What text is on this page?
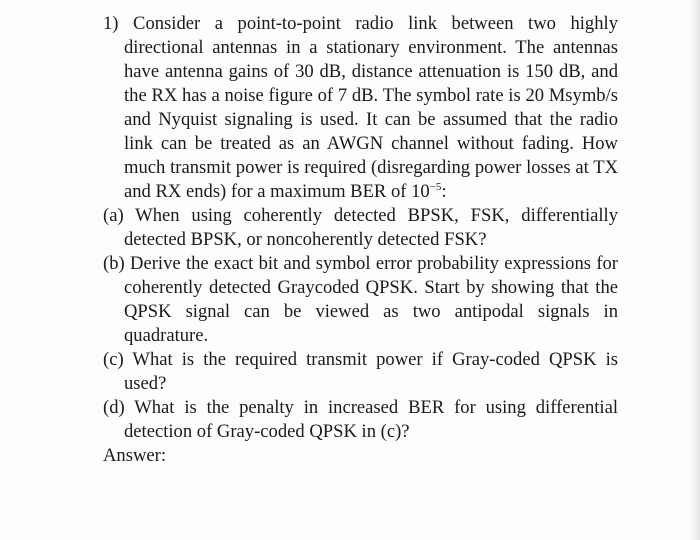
1) Consider a point-to-point radio link between two highly directional antennas in a stationary environment. The antennas have antenna gains of 30 dB, distance attenuation is 150 dB, and the RX has a noise figure of 7 dB. The symbol rate is 20 Msymb/s and Nyquist signaling is used. It can be assumed that the radio link can be treated as an AWGN channel without fading. How much transmit power is required (disregarding power losses at TX and RX ends) for a maximum BER of $10^{-5}$:

(a) When using coherently detected BPSK, FSK, differentially detected BPSK, or noncoherently detected FSK?

(b) Derive the exact bit and symbol error probability expressions for coherently detected Graycoded QPSK. Start by showing that the QPSK signal can be viewed as two antipodal signals in quadrature.

(c) What is the required transmit power if Gray-coded QPSK is used?

(d) What is the penalty in increased BER for using differential detection of Gray-coded QPSK in (c)?

Answer:
